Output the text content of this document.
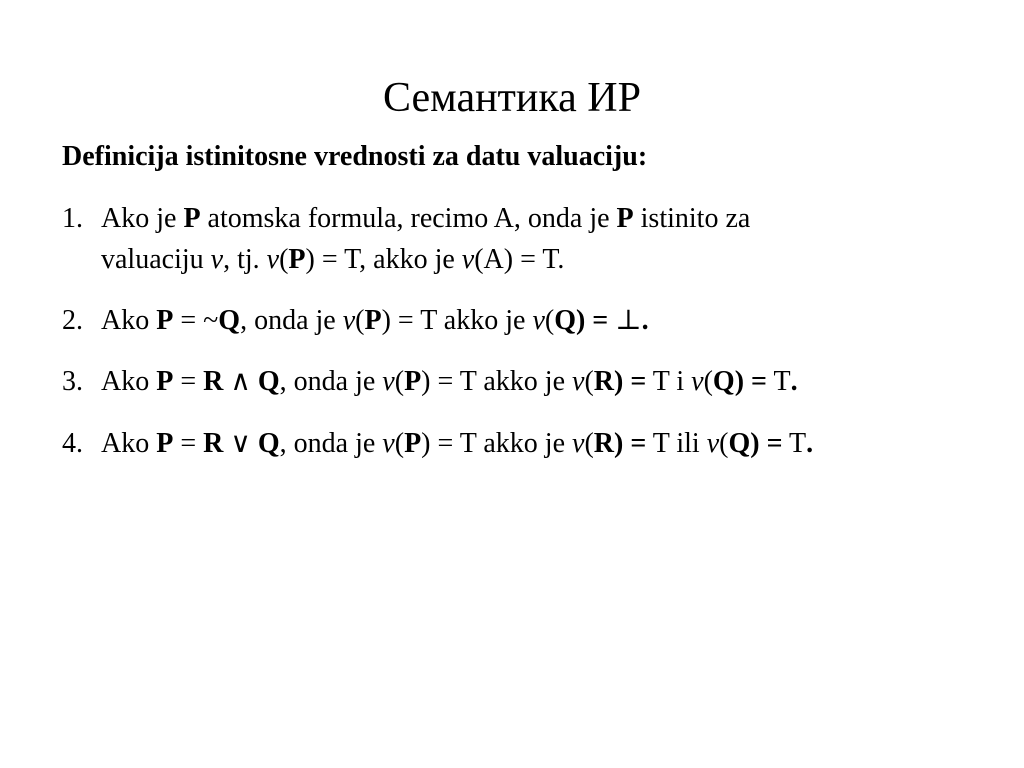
Семантика ИР
Definicija istinitosne vrednosti za datu valuaciju:
1. Ako je P atomska formula, recimo A, onda je P istinito za
valuaciju v, tj. v(P) = T, akko je v(A) = T.
2. Ako P = ~Q, onda je v(P) = T akko je v(Q) = ⊥.
3. Ako P = R ∧ Q, onda je v(P) = T akko je v(R) = T i v(Q) = T.
4. Ako P = R ∨ Q, onda je v(P) = T akko je v(R) = T ili v(Q) = T.
